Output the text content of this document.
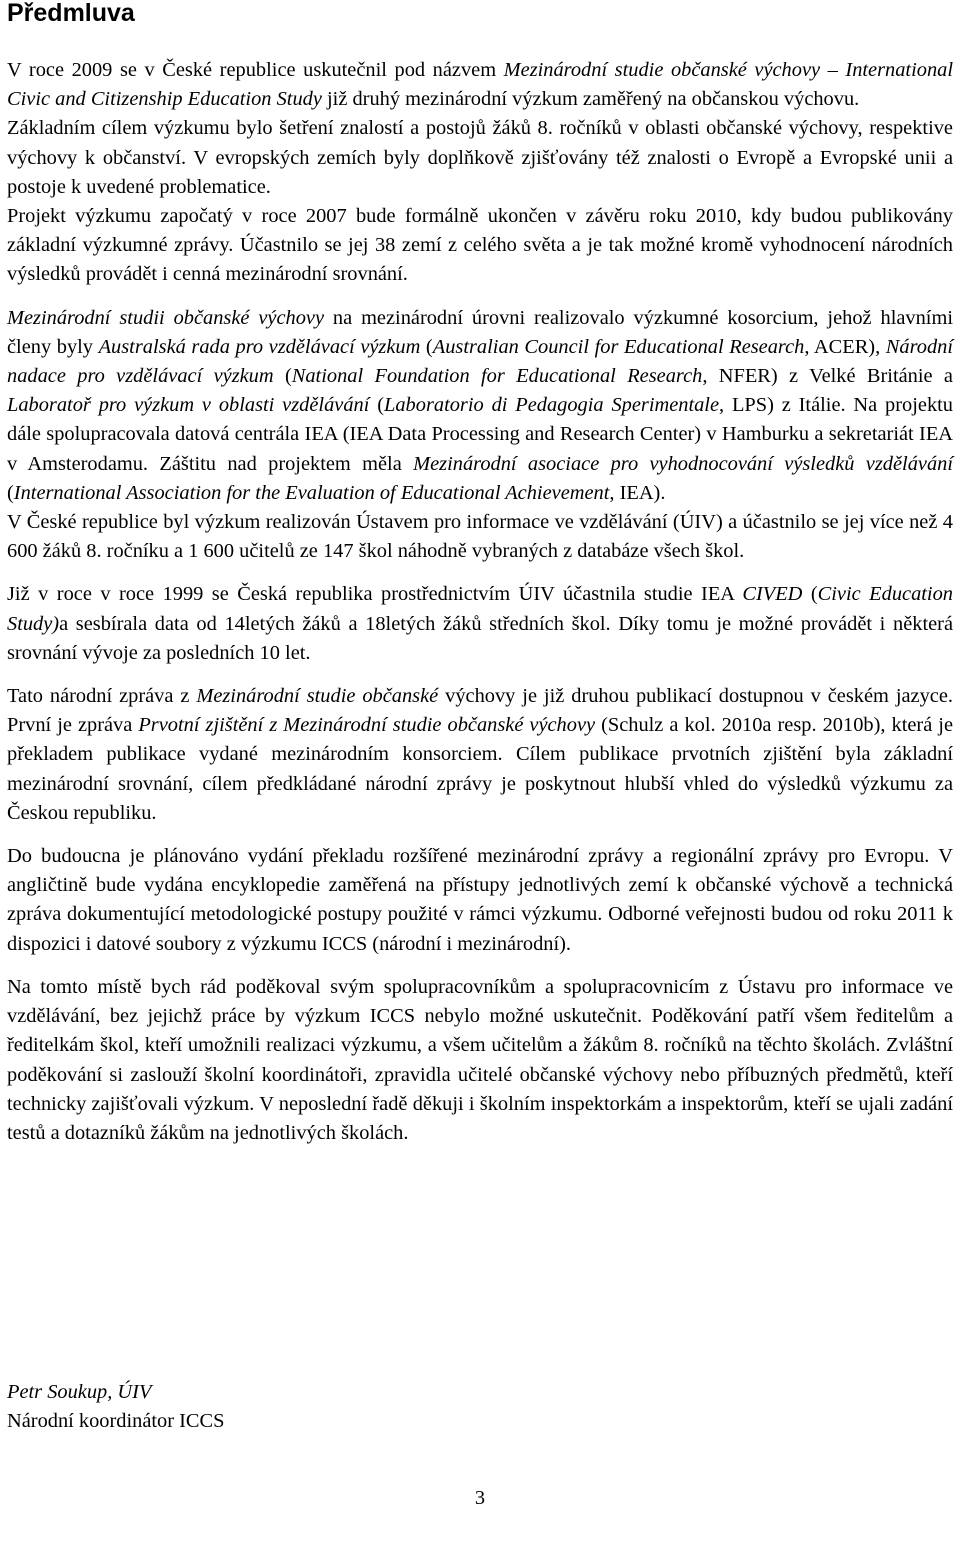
Předmluva

V roce 2009 se v České republice uskutečnil pod názvem Mezinárodní studie občanské výchovy – International Civic and Citizenship Education Study již druhý mezinárodní výzkum zaměřený na občanskou výchovu.
Základním cílem výzkumu bylo šetření znalostí a postojů žáků 8. ročníků v oblasti občanské výchovy, respektive výchovy k občanství. V evropských zemích byly doplňkově zjišťovány též znalosti o Evropě a Evropské unii a postoje k uvedené problematice.
Projekt výzkumu započatý v roce 2007 bude formálně ukončen v závěru roku 2010, kdy budou publikovány základní výzkumné zprávy. Účastnilo se jej 38 zemí z celého světa a je tak možné kromě vyhodnocení národních výsledků provádět i cenná mezinárodní srovnání.

Mezinárodní studii občanské výchovy na mezinárodní úrovni realizovalo výzkumné kosorcium, jehož hlavními členy byly Australská rada pro vzdělávací výzkum (Australian Council for Educational Research, ACER), Národní nadace pro vzdělávací výzkum (National Foundation for Educational Research, NFER) z Velké Británie a Laboratoř pro výzkum v oblasti vzdělávání (Laboratorio di Pedagogia Sperimentale, LPS) z Itálie. Na projektu dále spolupracovala datová centrála IEA (IEA Data Processing and Research Center) v Hamburku a sekretariát IEA v Amsterodamu. Záštitu nad projektem měla Mezinárodní asociace pro vyhodnocování výsledků vzdělávání (International Association for the Evaluation of Educational Achievement, IEA).
V České republice byl výzkum realizován Ústavem pro informace ve vzdělávání (ÚIV) a účastnilo se jej více než 4 600 žáků 8. ročníku a 1 600 učitelů ze 147 škol náhodně vybraných z databáze všech škol.

Již v roce v roce 1999 se Česká republika prostřednictvím ÚIV účastnila studie IEA CIVED (Civic Education Study)a sesbírala data od 14letých žáků a 18letých žáků středních škol. Díky tomu je možné provádět i některá srovnání vývoje za posledních 10 let.

Tato národní zpráva z Mezinárodní studie občanské výchovy je již druhou publikací dostupnou v českém jazyce. První je zpráva Prvotní zjištění z Mezinárodní studie občanské výchovy (Schulz a kol. 2010a resp. 2010b), která je překladem publikace vydané mezinárodním konsorciem. Cílem publikace prvotních zjištění byla základní mezinárodní srovnání, cílem předkládané národní zprávy je poskytnout hlubší vhled do výsledků výzkumu za Českou republiku.

Do budoucna je plánováno vydání překladu rozšířené mezinárodní zprávy a regionální zprávy pro Evropu. V angličtině bude vydána encyklopedie zaměřená na přístupy jednotlivých zemí k občanské výchově a technická zpráva dokumentující metodologické postupy použité v rámci výzkumu. Odborné veřejnosti budou od roku 2011 k dispozici i datové soubory z výzkumu ICCS (národní i mezinárodní).

Na tomto místě bych rád poděkoval svým spolupracovníkům a spolupracovnicím z Ústavu pro informace ve vzdělávání, bez jejichž práce by výzkum ICCS nebylo možné uskutečnit. Poděkování patří všem ředitelům a ředitelkám škol, kteří umožnili realizaci výzkumu, a všem učitelům a žákům 8. ročníků na těchto školách. Zvláštní poděkování si zaslouží školní koordinátoři, zpravidla učitelé občanské výchovy nebo příbuzných předmětů, kteří technicky zajišťovali výzkum. V neposlední řadě děkuji i školním inspektorkám a inspektorům, kteří se ujali zadání testů a dotazníků žákům na jednotlivých školách.

Petr Soukup, ÚIV
Národní koordinátor ICCS
3
